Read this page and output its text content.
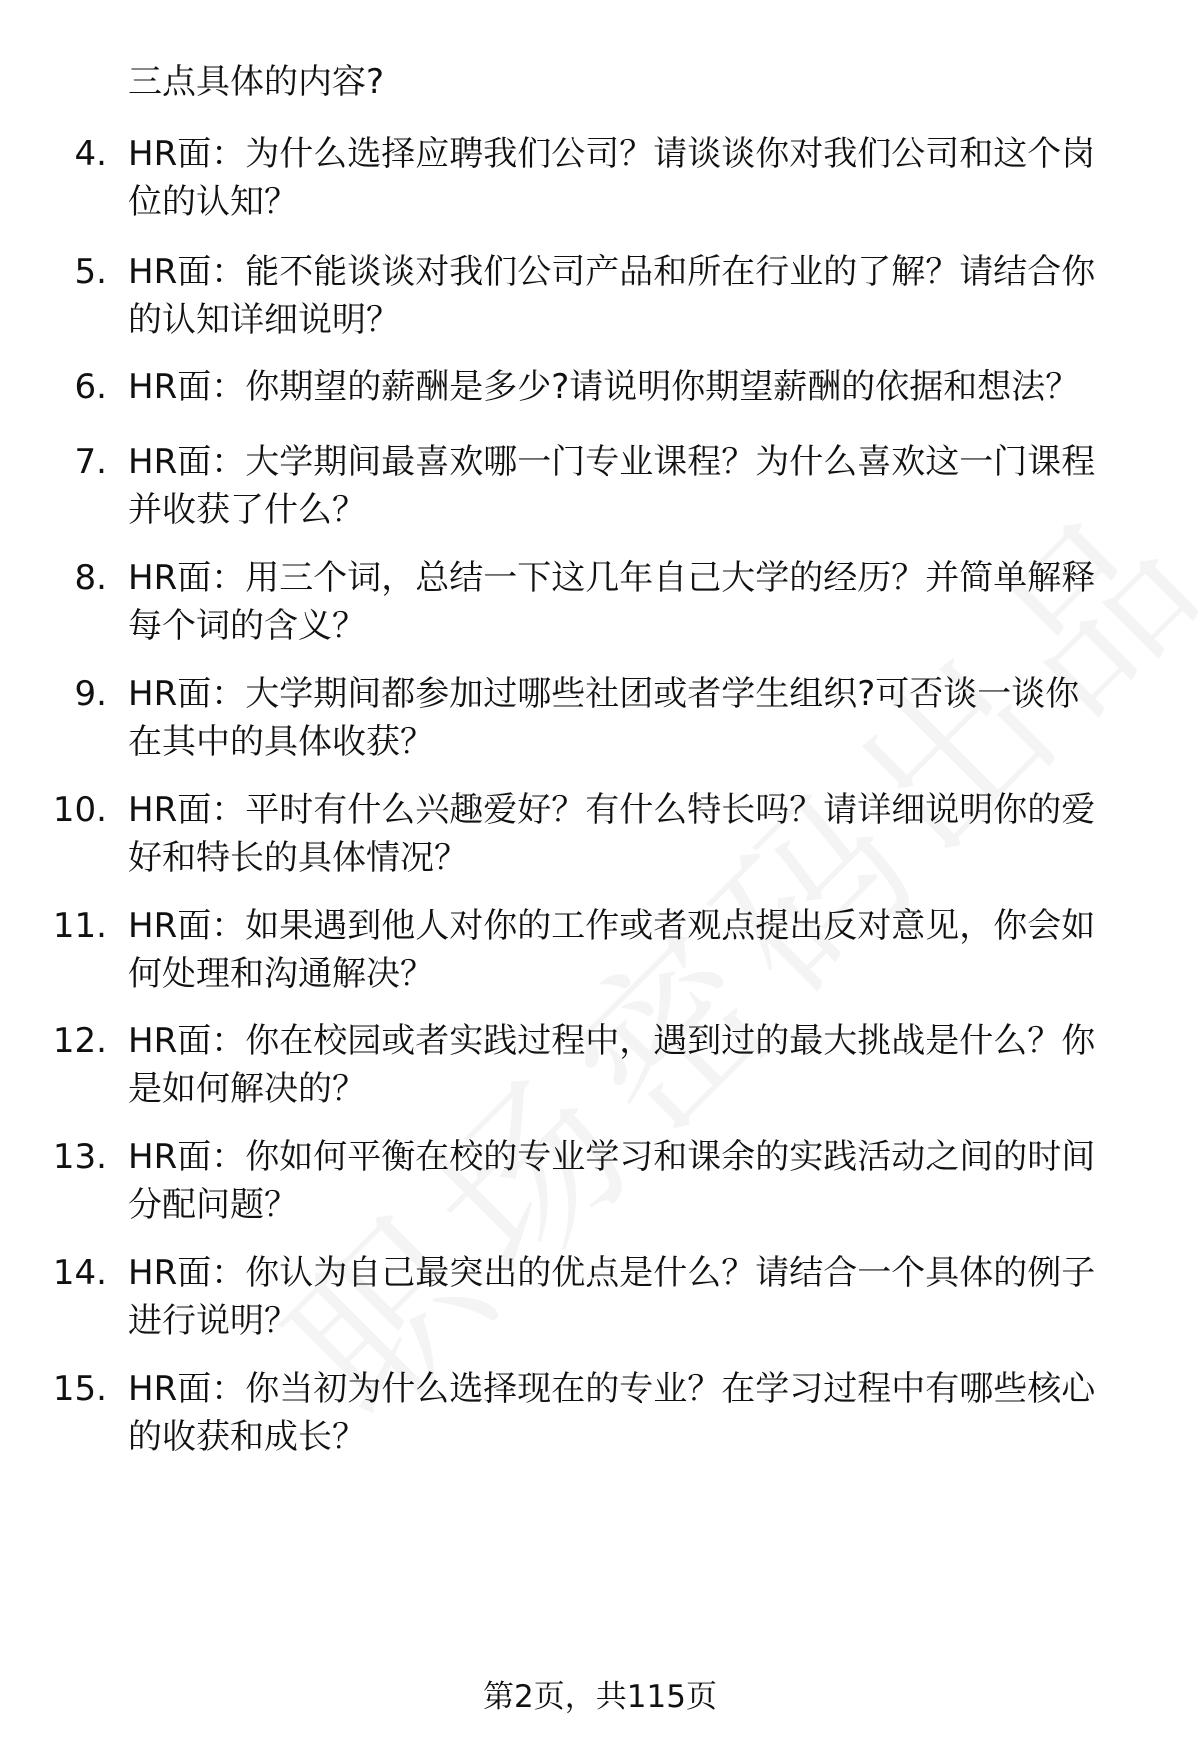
三点具体的内容?
4. HR面：为什么选择应聘我们公司？请谈谈你对我们公司和这个岗
位的认知？
5. HR面：能不能谈谈对我们公司产品和所在行业的了解？请结合你
的认知详细说明？
6. HR面：你期望的薪酬是多少?请说明你期望薪酬的依据和想法？
7. HR面：大学期间最喜欢哪一门专业课程？为什么喜欢这一门课程
并收获了什么？
8. HR面：用三个词，总结一下这几年自己大学的经历？并简单解释
每个词的含义？
9. HR面：大学期间都参加过哪些社团或者学生组织?可否谈一谈你
在其中的具体收获？
10. HR面：平时有什么兴趣爱好？有什么特长吗？请详细说明你的爱
好和特长的具体情况？
11. HR面：如果遇到他人对你的工作或者观点提出反对意见，你会如
何处理和沟通解决？
12. HR面：你在校园或者实践过程中，遇到过的最大挑战是什么？你
是如何解决的？
13. HR面：你如何平衡在校的专业学习和课余的实践活动之间的时间
分配问题？
14. HR面：你认为自己最突出的优点是什么？请结合一个具体的例子
进行说明？
15. HR面：你当初为什么选择现在的专业？在学习过程中有哪些核心
的收获和成长？
第2页，共115页
